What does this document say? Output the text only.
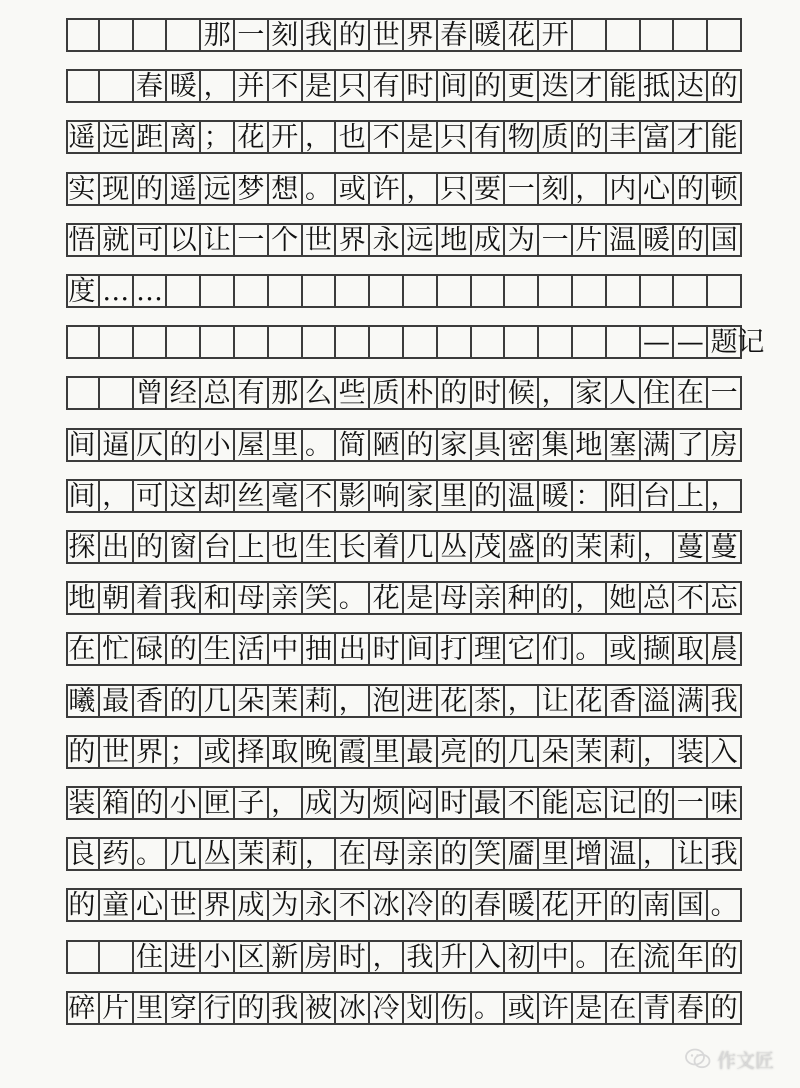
那 一 刻 我 的 世 界 春 暖 花 开
春 暖 ， 并 不 是 只 有 时 间 的 更 迭 才 能 抵 达 的
遥 远 距 离 ； 花 开 ， 也 不 是 只 有 物 质 的 丰 富 才 能
实 现 的 遥 远 梦 想 。 或 许 ， 只 要 一 刻 ， 内 心 的 顿
悟 就 可 以 让 一 个 世 界 永 远 地 成 为 一 片 温 暖 的 国
度 … …
— — 题 记
曾 经 总 有 那 么 些 质 朴 的 时 候 ， 家 人 住 在 一
间 逼 仄 的 小 屋 里 。 简 陋 的 家 具 密 集 地 塞 满 了 房
间 ， 可 这 却 丝 毫 不 影 响 家 里 的 温 暖 ： 阳 台 上 ，
探 出 的 窗 台 上 也 生 长 着 几 丛 茂 盛 的 茉 莉 ， 蔓 蔓
地 朝 着 我 和 母 亲 笑 。 花 是 母 亲 种 的 ， 她 总 不 忘
在 忙 碌 的 生 活 中 抽 出 时 间 打 理 它 们 。 或 撷 取 晨
曦 最 香 的 几 朵 茉 莉 ， 泡 进 花 茶 ， 让 花 香 溢 满 我
的 世 界 ； 或 择 取 晚 霞 里 最 亮 的 几 朵 茉 莉 ， 装 入
装 箱 的 小 匣 子 ， 成 为 烦 闷 时 最 不 能 忘 记 的 一 味
良 药 。 几 丛 茉 莉 ， 在 母 亲 的 笑 靥 里 增 温 ， 让 我
的 童 心 世 界 成 为 永 不 冰 冷 的 春 暖 花 开 的 南 国 。
住 进 小 区 新 房 时 ， 我 升 入 初 中 。 在 流 年 的
碎 片 里 穿 行 的 我 被 冰 冷 划 伤 。 或 许 是 在 青 春 的
作文匠
